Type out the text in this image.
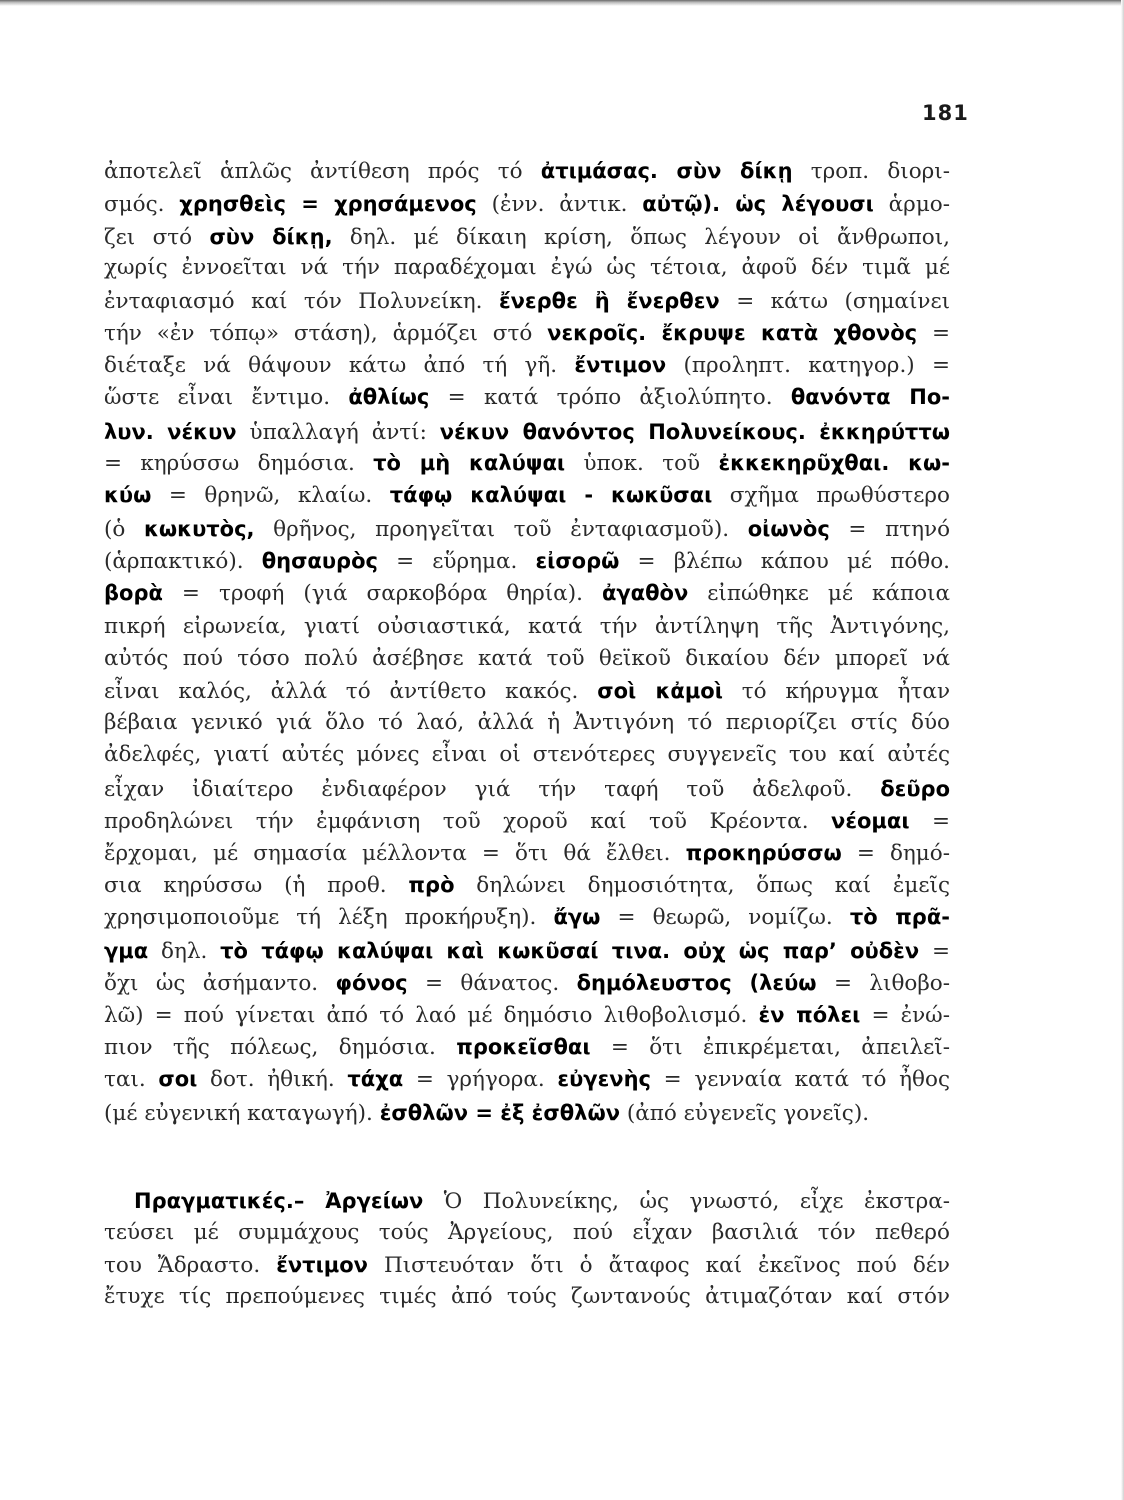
181
ἀποτελεῖ ἁπλῶς ἀντίθεση πρός τό ἀτιμάσας. σὺν δίκῃ τροπ. διορι-
σμός. χρησθεὶς = χρησάμενος (ἐνν. ἀντικ. αὐτῷ). ὡς λέγουσι ἁρμο-
ζει στό σὺν δίκῃ, δηλ. μέ δίκαιη κρίση, ὅπως λέγουν οἱ ἄνθρωποι,
χωρίς ἐννοεῖται νά τήν παραδέχομαι ἐγώ ὡς τέτοια, ἀφοῦ δέν τιμᾶ μέ
ἐνταφιασμό καί τόν Πολυνείκη. ἔνερθε ἢ ἔνερθεν = κάτω (σημαίνει
τήν «ἐν τόπῳ» στάση), ἁρμόζει στό νεκροῖς. ἔκρυψε κατὰ χθονὸς =
διέταξε νά θάψουν κάτω ἀπό τή γῆ. ἔντιμον (προληπτ. κατηγορ.) =
ὥστε εἶναι ἔντιμο. ἀθλίως = κατά τρόπο ἀξιολύπητο. θανόντα Πο-
λυν. νέκυν ὑπαλλαγή ἀντί: νέκυν θανόντος Πολυνείκους. ἐκκηρύττω
= κηρύσσω δημόσια. τὸ μὴ καλύψαι ὑποκ. τοῦ ἐκκεκηρῦχθαι. κω-
κύω = θρηνῶ, κλαίω. τάφῳ καλύψαι - κωκῦσαι σχῆμα πρωθύστερο
(ὁ κωκυτὸς, θρῆνος, προηγεῖται τοῦ ἐνταφιασμοῦ). οἰωνὸς = πτηνό
(ἁρπακτικό). θησαυρὸς = εὕρημα. εἰσορῶ = βλέπω κάπου μέ πόθο.
βορὰ = τροφή (γιά σαρκοβόρα θηρία). ἀγαθὸν εἰπώθηκε μέ κάποια
πικρή εἰρωνεία, γιατί οὐσιαστικά, κατά τήν ἀντίληψη τῆς Ἀντιγόνης,
αὐτός πού τόσο πολύ ἀσέβησε κατά τοῦ θεϊκοῦ δικαίου δέν μπορεῖ νά
εἶναι καλός, ἀλλά τό ἀντίθετο κακός. σοὶ κἀμοὶ τό κήρυγμα ἦταν
βέβαια γενικό γιά ὅλο τό λαό, ἀλλά ἡ Ἀντιγόνη τό περιορίζει στίς δύο
ἀδελφές, γιατί αὐτές μόνες εἶναι οἱ στενότερες συγγενεῖς του καί αὐτές
εἶχαν ἰδιαίτερο ἐνδιαφέρον γιά τήν ταφή τοῦ ἀδελφοῦ. δεῦρο
προδηλώνει τήν ἐμφάνιση τοῦ χοροῦ καί τοῦ Κρέοντα. νέομαι =
ἔρχομαι, μέ σημασία μέλλοντα = ὅτι θά ἔλθει. προκηρύσσω = δημό-
σια κηρύσσω (ἡ προθ. πρὸ δηλώνει δημοσιότητα, ὅπως καί ἐμεῖς
χρησιμοποιοῦμε τή λέξη προκήρυξη). ἄγω = θεωρῶ, νομίζω. τὸ πρᾶ-
γμα δηλ. τὸ τάφῳ καλύψαι καὶ κωκῦσαί τινα. οὐχ ὡς παρ’ οὐδὲν =
ὄχι ὡς ἀσήμαντο. φόνος = θάνατος. δημόλευστος (λεύω = λιθοβο-
λῶ) = πού γίνεται ἀπό τό λαό μέ δημόσιο λιθοβολισμό. ἐν πόλει = ἐνώ-
πιον τῆς πόλεως, δημόσια. προκεῖσθαι = ὅτι ἐπικρέμεται, ἀπειλεῖ-
ται. σοι δοτ. ἠθική. τάχα = γρήγορα. εὐγενὴς = γενναία κατά τό ἦθος
(μέ εὐγενική καταγωγή). ἐσθλῶν = ἐξ ἐσθλῶν (ἀπό εὐγενεῖς γονεῖς).
Πραγματικές.– Ἀργείων Ὁ Πολυνείκης, ὡς γνωστό, εἶχε ἐκστρα-
τεύσει μέ συμμάχους τούς Ἀργείους, πού εἶχαν βασιλιά τόν πεθερό
του Ἄδραστο. ἔντιμον Πιστευόταν ὅτι ὁ ἄταφος καί ἐκεῖνος πού δέν
ἔτυχε τίς πρεπούμενες τιμές ἀπό τούς ζωντανούς ἀτιμαζόταν καί στόν
